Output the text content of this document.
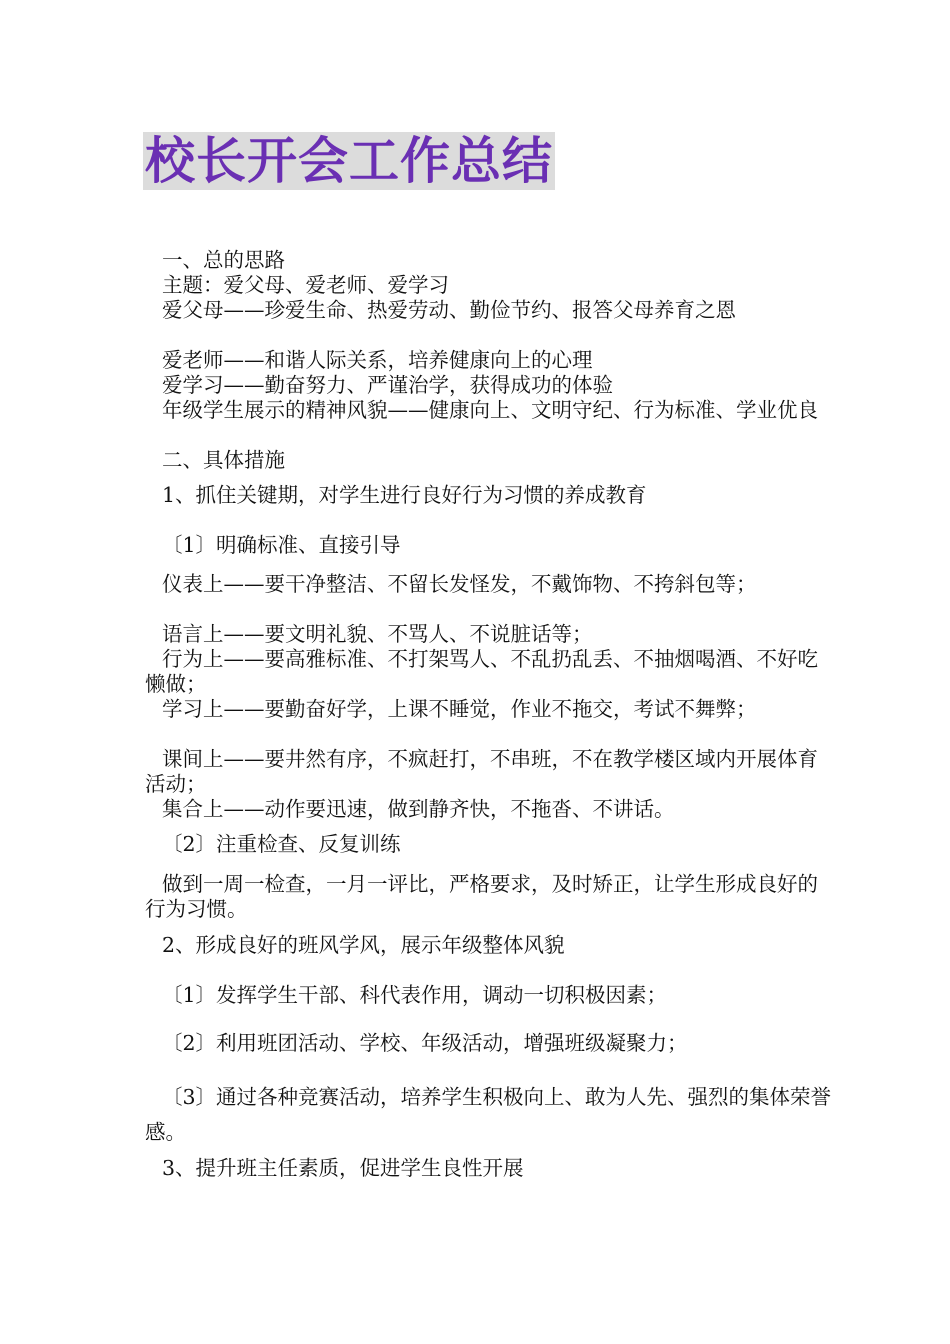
校长开会工作总结
一、总的思路
主题：爱父母、爱老师、爱学习
爱父母——珍爱生命、热爱劳动、勤俭节约、报答父母养育之恩
爱老师——和谐人际关系，培养健康向上的心理
爱学习——勤奋努力、严谨治学，获得成功的体验
年级学生展示的精神风貌——健康向上、文明守纪、行为标准、学业优良
二、具体措施
1、抓住关键期，对学生进行良好行为习惯的养成教育
〔1〕明确标准、直接引导
仪表上——要干净整洁、不留长发怪发，不戴饰物、不挎斜包等；
语言上——要文明礼貌、不骂人、不说脏话等；
行为上——要高雅标准、不打架骂人、不乱扔乱丢、不抽烟喝酒、不好吃懒做；
学习上——要勤奋好学，上课不睡觉，作业不拖交，考试不舞弊；
课间上——要井然有序，不疯赶打，不串班，不在教学楼区域内开展体育活动；
集合上——动作要迅速，做到静齐快，不拖沓、不讲话。
〔2〕注重检查、反复训练
做到一周一检查，一月一评比，严格要求，及时矫正，让学生形成良好的行为习惯。
2、形成良好的班风学风，展示年级整体风貌
〔1〕发挥学生干部、科代表作用，调动一切积极因素；
〔2〕利用班团活动、学校、年级活动，增强班级凝聚力；
〔3〕通过各种竞赛活动，培养学生积极向上、敢为人先、强烈的集体荣誉感。
3、提升班主任素质，促进学生良性开展
